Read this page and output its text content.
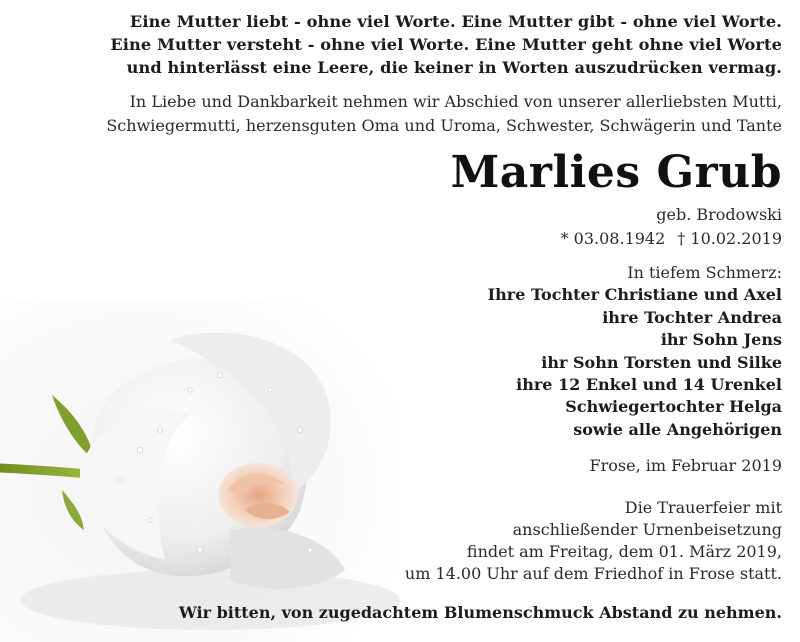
Eine Mutter liebt - ohne viel Worte. Eine Mutter gibt - ohne viel Worte.
Eine Mutter versteht - ohne viel Worte. Eine Mutter geht ohne viel Worte
und hinterlässt eine Leere, die keiner in Worten auszudrücken vermag.
In Liebe und Dankbarkeit nehmen wir Abschied von unserer allerliebsten Mutti,
Schwiegermutti, herzensguten Oma und Uroma, Schwester, Schwägerin und Tante
Marlies Grub
geb. Brodowski
* 03.08.1942 † 10.02.2019
In tiefem Schmerz:
Ihre Tochter Christiane und Axel
ihre Tochter Andrea
ihr Sohn Jens
ihr Sohn Torsten und Silke
ihre 12 Enkel und 14 Urenkel
Schwiegertochter Helga
sowie alle Angehörigen
Frose, im Februar 2019
Die Trauerfeier mit
anschließender Urnenbeisetzung
findet am Freitag, dem 01. März 2019,
um 14.00 Uhr auf dem Friedhof in Frose statt.
Wir bitten, von zugedachtem Blumenschmuck Abstand zu nehmen.
